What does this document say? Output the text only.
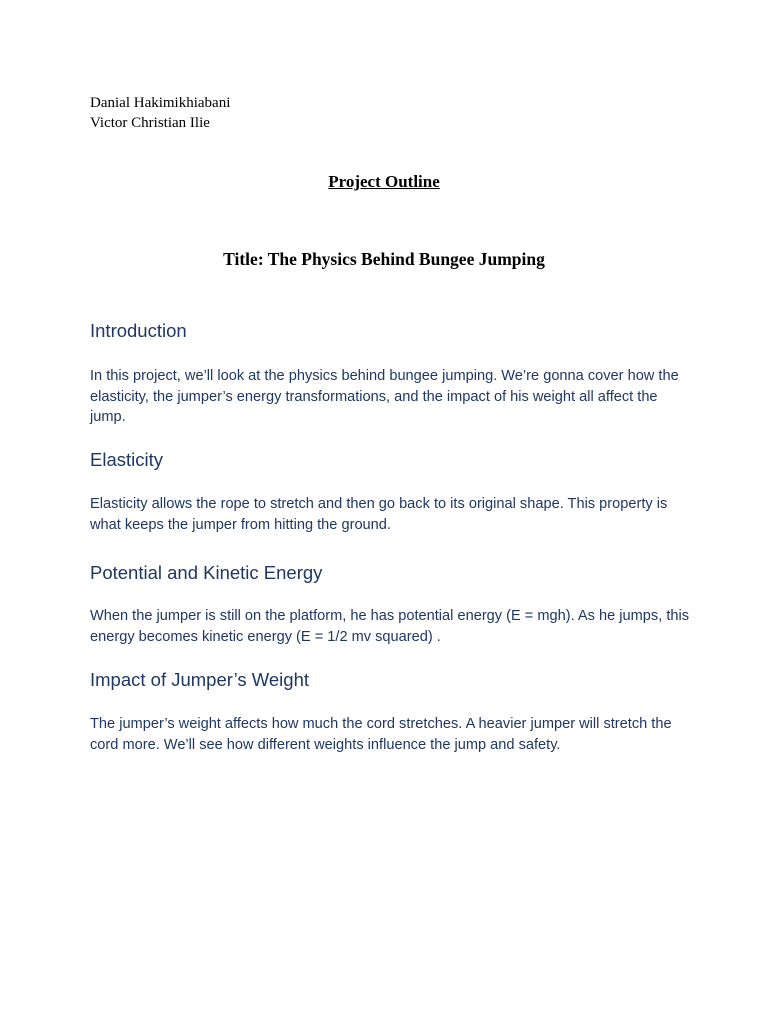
Danial Hakimikhiabani
Victor Christian Ilie
Project Outline
Title: The Physics Behind Bungee Jumping
Introduction

In this project, we’ll look at the physics behind bungee jumping. We’re gonna cover how the elasticity, the jumper’s energy transformations, and the impact of his weight all affect the jump.

Elasticity

Elasticity allows the rope to stretch and then go back to its original shape. This property is what keeps the jumper from hitting the ground.

Potential and Kinetic Energy

When the jumper is still on the platform, he has potential energy (E = mgh). As he jumps, this energy becomes kinetic energy (E = 1/2 mv squared) .

Impact of Jumper’s Weight

The jumper’s weight affects how much the cord stretches. A heavier jumper will stretch the cord more. We’ll see how different weights influence the jump and safety.
